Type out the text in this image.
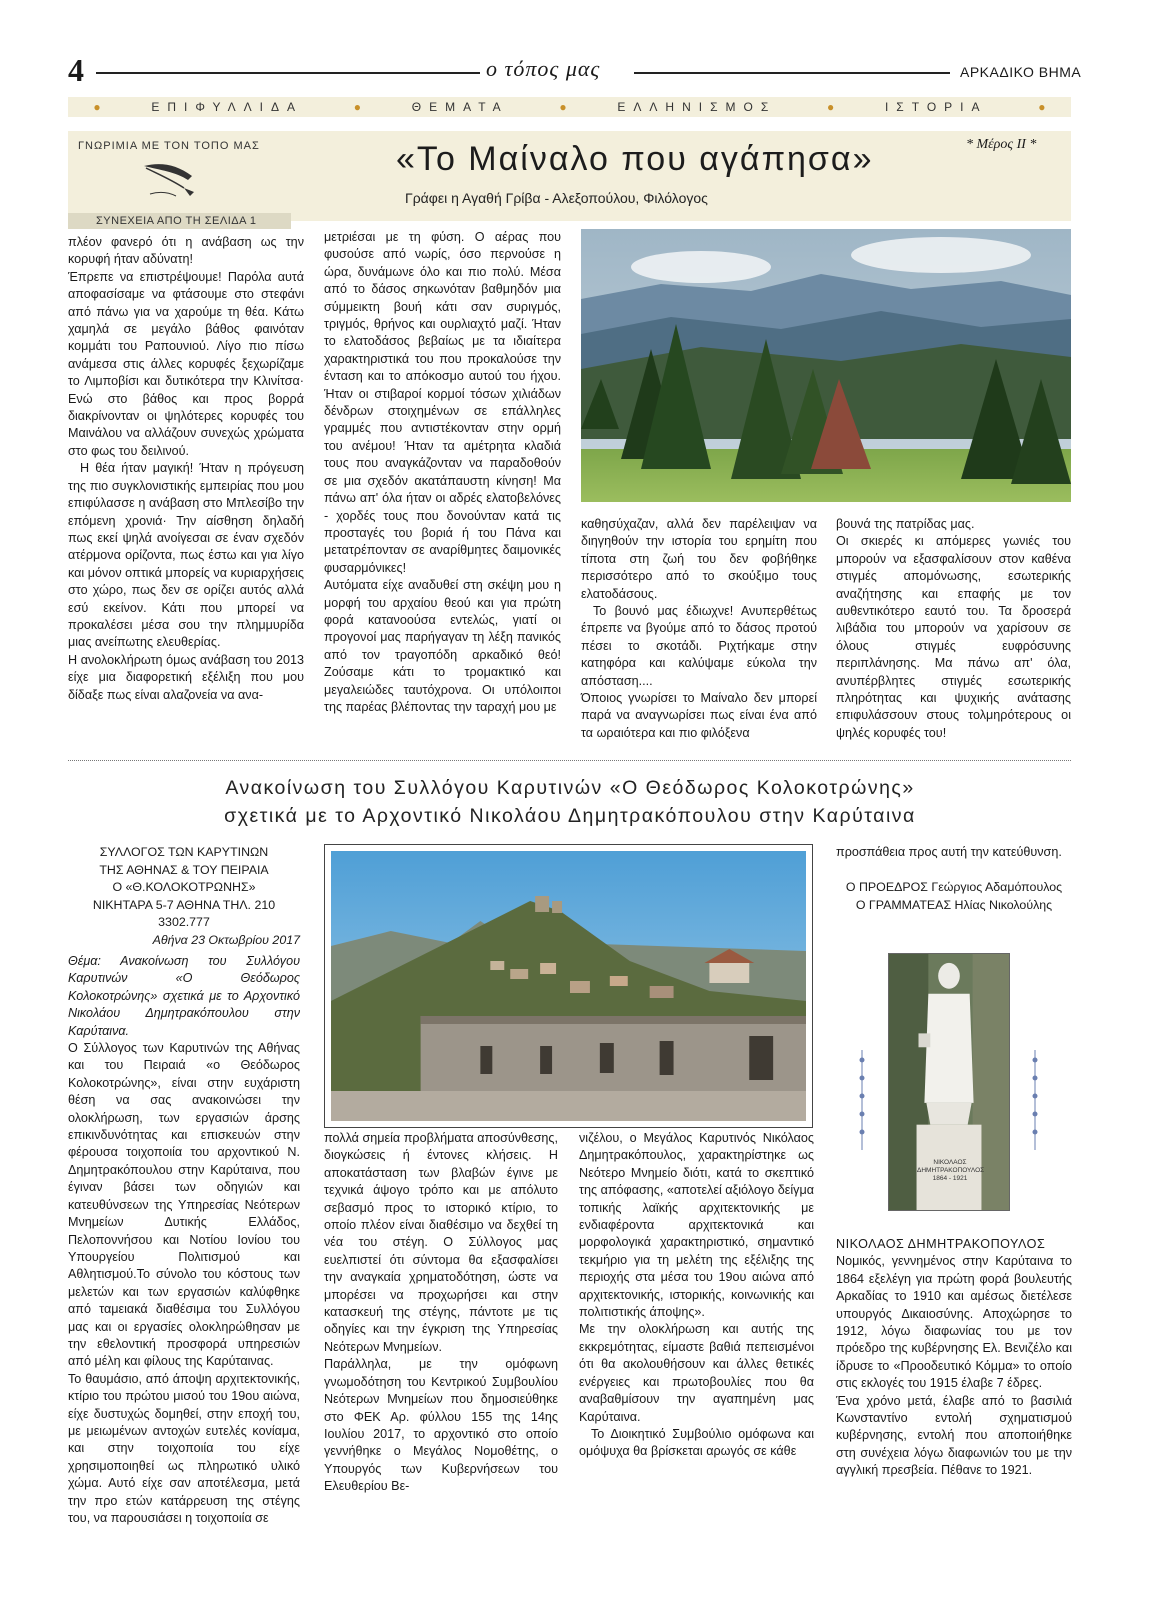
4	ο τόπος μας	ΑΡΚΑΔΙΚΟ ΒΗΜΑ
●	ΕΠΙΦΥΛΛΙΔΑ	●	ΘΕΜΑΤΑ	●	ΕΛΛΗΝΙΣΜΟΣ	●	ΙΣΤΟΡΙΑ	●
ΓΝΩΡΙΜΙΑ ΜΕ ΤΟΝ ΤΟΠΟ ΜΑΣ	«Το Μαίναλο που αγάπησα»	* Μέρος ΙΙ *
Γράφει η Αγαθή Γρίβα - Αλεξοπούλου, Φιλόλογος
ΣΥΝΕΧΕΙΑ ΑΠΟ ΤΗ ΣΕΛΙΔΑ 1

πλέον φανερό ότι η ανάβαση ως την κορυφή ήταν αδύνατη!

Έπρεπε να επιστρέψουμε! Παρόλα αυτά αποφασίσαμε να φτάσουμε στο στεφάνι από πάνω για να χαρούμε τη θέα. Κάτω χαμηλά σε μεγάλο βάθος φαινόταν κομμάτι του Ραπουνιού. Λίγο πιο πίσω ανάμεσα στις άλλες κορυφές ξεχωρίζαμε το Λιμποβίσι και δυτικότερα την Κλινίτσα· Ενώ στο βάθος και προς βορρά διακρίνονταν οι ψηλότερες κορυφές του Μαινάλου να αλλάζουν συνεχώς χρώματα στο φως του δειλινού.

Η θέα ήταν μαγική! Ήταν η πρόγευση της πιο συγκλονιστικής εμπειρίας που μου επιφύλασσε η ανάβαση στο Μπλεσίβο την επόμενη χρονιά· Την αίσθηση δηλαδή πως εκεί ψηλά ανοίγεσαι σε έναν σχεδόν ατέρμονα ορίζοντα, πως έστω και για λίγο και μόνον οπτικά μπορείς να κυριαρχήσεις στο χώρο, πως δεν σε ορίζει αυτός αλλά εσύ εκείνον. Κάτι που μπορεί να προκαλέσει μέσα σου την πλημμυρίδα μιας ανείπωτης ελευθερίας.

Η ανολοκλήρωτη όμως ανάβαση του 2013 είχε μια διαφορετική εξέλιξη που μου δίδαξε πως είναι αλαζονεία να ανα-

μετριέσαι με τη φύση. Ο αέρας που φυσούσε από νωρίς, όσο περνούσε η ώρα, δυνάμωνε όλο και πιο πολύ. Μέσα από το δάσος σηκωνόταν βαθμηδόν μια σύμμεικτη βουή κάτι σαν συριγμός, τριγμός, θρήνος και ουρλιαχτό μαζί. Ήταν το ελατοδάσος βεβαίως με τα ιδιαίτερα χαρακτηριστικά του που προκαλούσε την ένταση και το απόκοσμο αυτού του ήχου. Ήταν οι στιβαροί κορμοί τόσων χιλιάδων δένδρων στοιχημένων σε επάλληλες γραμμές που αντιστέκονταν στην ορμή του ανέμου! Ήταν τα αμέτρητα κλαδιά τους που αναγκάζονταν να παραδοθούν σε μια σχεδόν ακατάπαυστη κίνηση! Μα πάνω απ' όλα ήταν οι αδρές ελατοβελόνες - χορδές τους που δονούνταν κατά τις προσταγές του βοριά ή του Πάνα και μετατρέπονταν σε αναρίθμητες δαιμονικές φυσαρμόνικες!

Αυτόματα είχε αναδυθεί στη σκέψη μου η μορφή του αρχαίου θεού και για πρώτη φορά κατανοούσα εντελώς, γιατί οι προγονοί μας παρήγαγαν τη λέξη πανικός από τον τραγοπόδη αρκαδικό θεό! Ζούσαμε κάτι το τρομακτικό και μεγαλειώδες ταυτόχρονα. Οι υπόλοιποι της παρέας βλέποντας την ταραχή μου με

καθησύχαζαν, αλλά δεν παρέλειψαν να διηγηθούν την ιστορία του ερημίτη που τίποτα στη ζωή του δεν φοβήθηκε περισσότερο από το σκούξιμο τους ελατοδάσους.

Το βουνό μας έδιωχνε! Ανυπερθέτως έπρεπε να βγούμε από το δάσος προτού πέσει το σκοτάδι. Ριχτήκαμε στην κατηφόρα και καλύψαμε εύκολα την απόσταση....

Όποιος γνωρίσει το Μαίναλο δεν μπορεί παρά να αναγνωρίσει πως είναι ένα από τα ωραιότερα και πιο φιλόξενα

βουνά της πατρίδας μας.

Οι σκιερές κι απόμερες γωνιές του μπορούν να εξασφαλίσουν στον καθένα στιγμές απομόνωσης, εσωτερικής αναζήτησης και επαφής με τον αυθεντικότερο εαυτό του. Τα δροσερά λιβάδια του μπορούν να χαρίσουν σε όλους στιγμές ευφρόσυνης περιπλάνησης. Μα πάνω απ' όλα, ανυπέρβλητες στιγμές εσωτερικής πληρότητας και ψυχικής ανάτασης επιφυλάσσουν στους τολμηρότερους οι ψηλές κορυφές του!

Ανακοίνωση του Συλλόγου Καρυτινών «Ο Θεόδωρος Κολοκοτρώνης»
σχετικά με το Αρχοντικό Νικολάου Δημητρακόπουλου στην Καρύταινα
ΣΥΛΛΟΓΟΣ ΤΩΝ ΚΑΡΥΤΙΝΩΝ
ΤΗΣ ΑΘΗΝΑΣ & ΤΟΥ ΠΕΙΡΑΙΑ
Ο «Θ.ΚΟΛΟΚΟΤΡΩΝΗΣ»
ΝΙΚΗΤΑΡΑ 5-7 ΑΘΗΝΑ ΤΗΛ. 210 3302.777
Αθήνα 23 Οκτωβρίου 2017

Θέμα: Ανακοίνωση του Συλλόγου Καρυτινών «Ο Θεόδωρος Κολοκοτρώνης» σχετικά με το Αρχοντικό Νικολάου Δημητρακόπουλου στην Καρύταινα.

Ο Σύλλογος των Καρυτινών της Αθήνας και του Πειραιά «ο Θεόδωρος Κολοκοτρώνης», είναι στην ευχάριστη θέση να σας ανακοινώσει την ολοκλήρωση, των εργασιών άρσης επικινδυνότητας και επισκευών στην φέρουσα τοιχοποιία του αρχοντικού Ν. Δημητρακόπουλου στην Καρύταινα, που έγιναν βάσει των οδηγιών και κατευθύνσεων της Υπηρεσίας Νεότερων Μνημείων Δυτικής Ελλάδος, Πελοποννήσου και Νοτίου Ιονίου του Υπουργείου Πολιτισμού και Αθλητισμού.Το σύνολο του κόστους των μελετών και των εργασιών καλύφθηκε από ταμειακά διαθέσιμα του Συλλόγου μας και οι εργασίες ολοκληρώθησαν με την εθελοντική προσφορά υπηρεσιών από μέλη και φίλους της Καρύταινας.

Το θαυμάσιο, από άποψη αρχιτεκτονικής, κτίριο του πρώτου μισού του 19ου αιώνα, είχε δυστυχώς δομηθεί, στην εποχή του, με μειωμένων αντοχών ευτελές κονίαμα, και στην τοιχοποιία του είχε χρησιμοποιηθεί ως πληρωτικό υλικό χώμα. Αυτό είχε σαν αποτέλεσμα, μετά την προ ετών κατάρρευση της στέγης του, να παρουσιάσει η τοιχοποιία σε

πολλά σημεία προβλήματα αποσύνθεσης, διογκώσεις ή έντονες κλήσεις. Η αποκατάσταση των βλαβών έγινε με τεχνικά άψογο τρόπο και με απόλυτο σεβασμό προς το ιστορικό κτίριο, το οποίο πλέον είναι διαθέσιμο να δεχθεί τη νέα του στέγη. Ο Σύλλογος μας ευελπιστεί ότι σύντομα θα εξασφαλίσει την αναγκαία χρηματοδότηση, ώστε να μπορέσει να προχωρήσει και στην κατασκευή της στέγης, πάντοτε με τις οδηγίες και την έγκριση της Υπηρεσίας Νεότερων Μνημείων.

Παράλληλα, με την ομόφωνη γνωμοδότηση του Κεντρικού Συμβουλίου Νεότερων Μνημείων που δημοσιεύθηκε στο ΦΕΚ Αρ. φύλλου 155 της 14ης Ιουλίου 2017, το αρχοντικό στο οποίο γεννήθηκε ο Μεγάλος Νομοθέτης, ο Υπουργός των Κυβερνήσεων του Ελευθερίου Βε-

νιζέλου, ο Μεγάλος Καρυτινός Νικόλαος Δημητρακόπουλος, χαρακτηρίστηκε ως Νεότερο Μνημείο διότι, κατά το σκεπτικό της απόφασης, «αποτελεί αξιόλογο δείγμα τοπικής λαϊκής αρχιτεκτονικής με ενδιαφέροντα αρχιτεκτονικά και μορφολογικά χαρακτηριστικό, σημαντικό τεκμήριο για τη μελέτη της εξέλιξης της περιοχής στα μέσα του 19ου αιώνα από αρχιτεκτονικής, ιστορικής, κοινωνικής και πολιτιστικής άποψης».

Με την ολοκλήρωση και αυτής της εκκρεμότητας, είμαστε βαθιά πεπεισμένοι ότι θα ακολουθήσουν και άλλες θετικές ενέργειες και πρωτοβουλίες που θα αναβαθμίσουν την αγαπημένη μας Καρύταινα.

Το Διοικητικό Συμβούλιο ομόφωνα και ομόψυχα θα βρίσκεται αρωγός σε κάθε

προσπάθεια προς αυτή την κατεύθυνση.

Ο ΠΡΟΕΔΡΟΣ Γεώργιος Αδαμόπουλος
Ο ΓΡΑΜΜΑΤΕΑΣ Ηλίας Νικολούλης
ΝΙΚΟΛΑΟΣ ΔΗΜΗΤΡΑΚΟΠΟΥΛΟΣ
1864 - 1921

ΝΙΚΟΛΑΟΣ ΔΗΜΗΤΡΑΚΟΠΟΥΛΟΣ

Νομικός, γεννημένος στην Καρύταινα το 1864 εξελέγη για πρώτη φορά βουλευτής Αρκαδίας το 1910 και αμέσως διετέλεσε υπουργός Δικαιοσύνης. Αποχώρησε το 1912, λόγω διαφωνίας του με τον πρόεδρο της κυβέρνησης Ελ. Βενιζέλο και ίδρυσε το «Προοδευτικό Κόμμα» το οποίο στις εκλογές του 1915 έλαβε 7 έδρες.

Ένα χρόνο μετά, έλαβε από το βασιλιά Κωνσταντίνο εντολή σχηματισμού κυβέρνησης, εντολή που αποποιήθηκε στη συνέχεια λόγω διαφωνιών του με την αγγλική πρεσβεία. Πέθανε το 1921.
